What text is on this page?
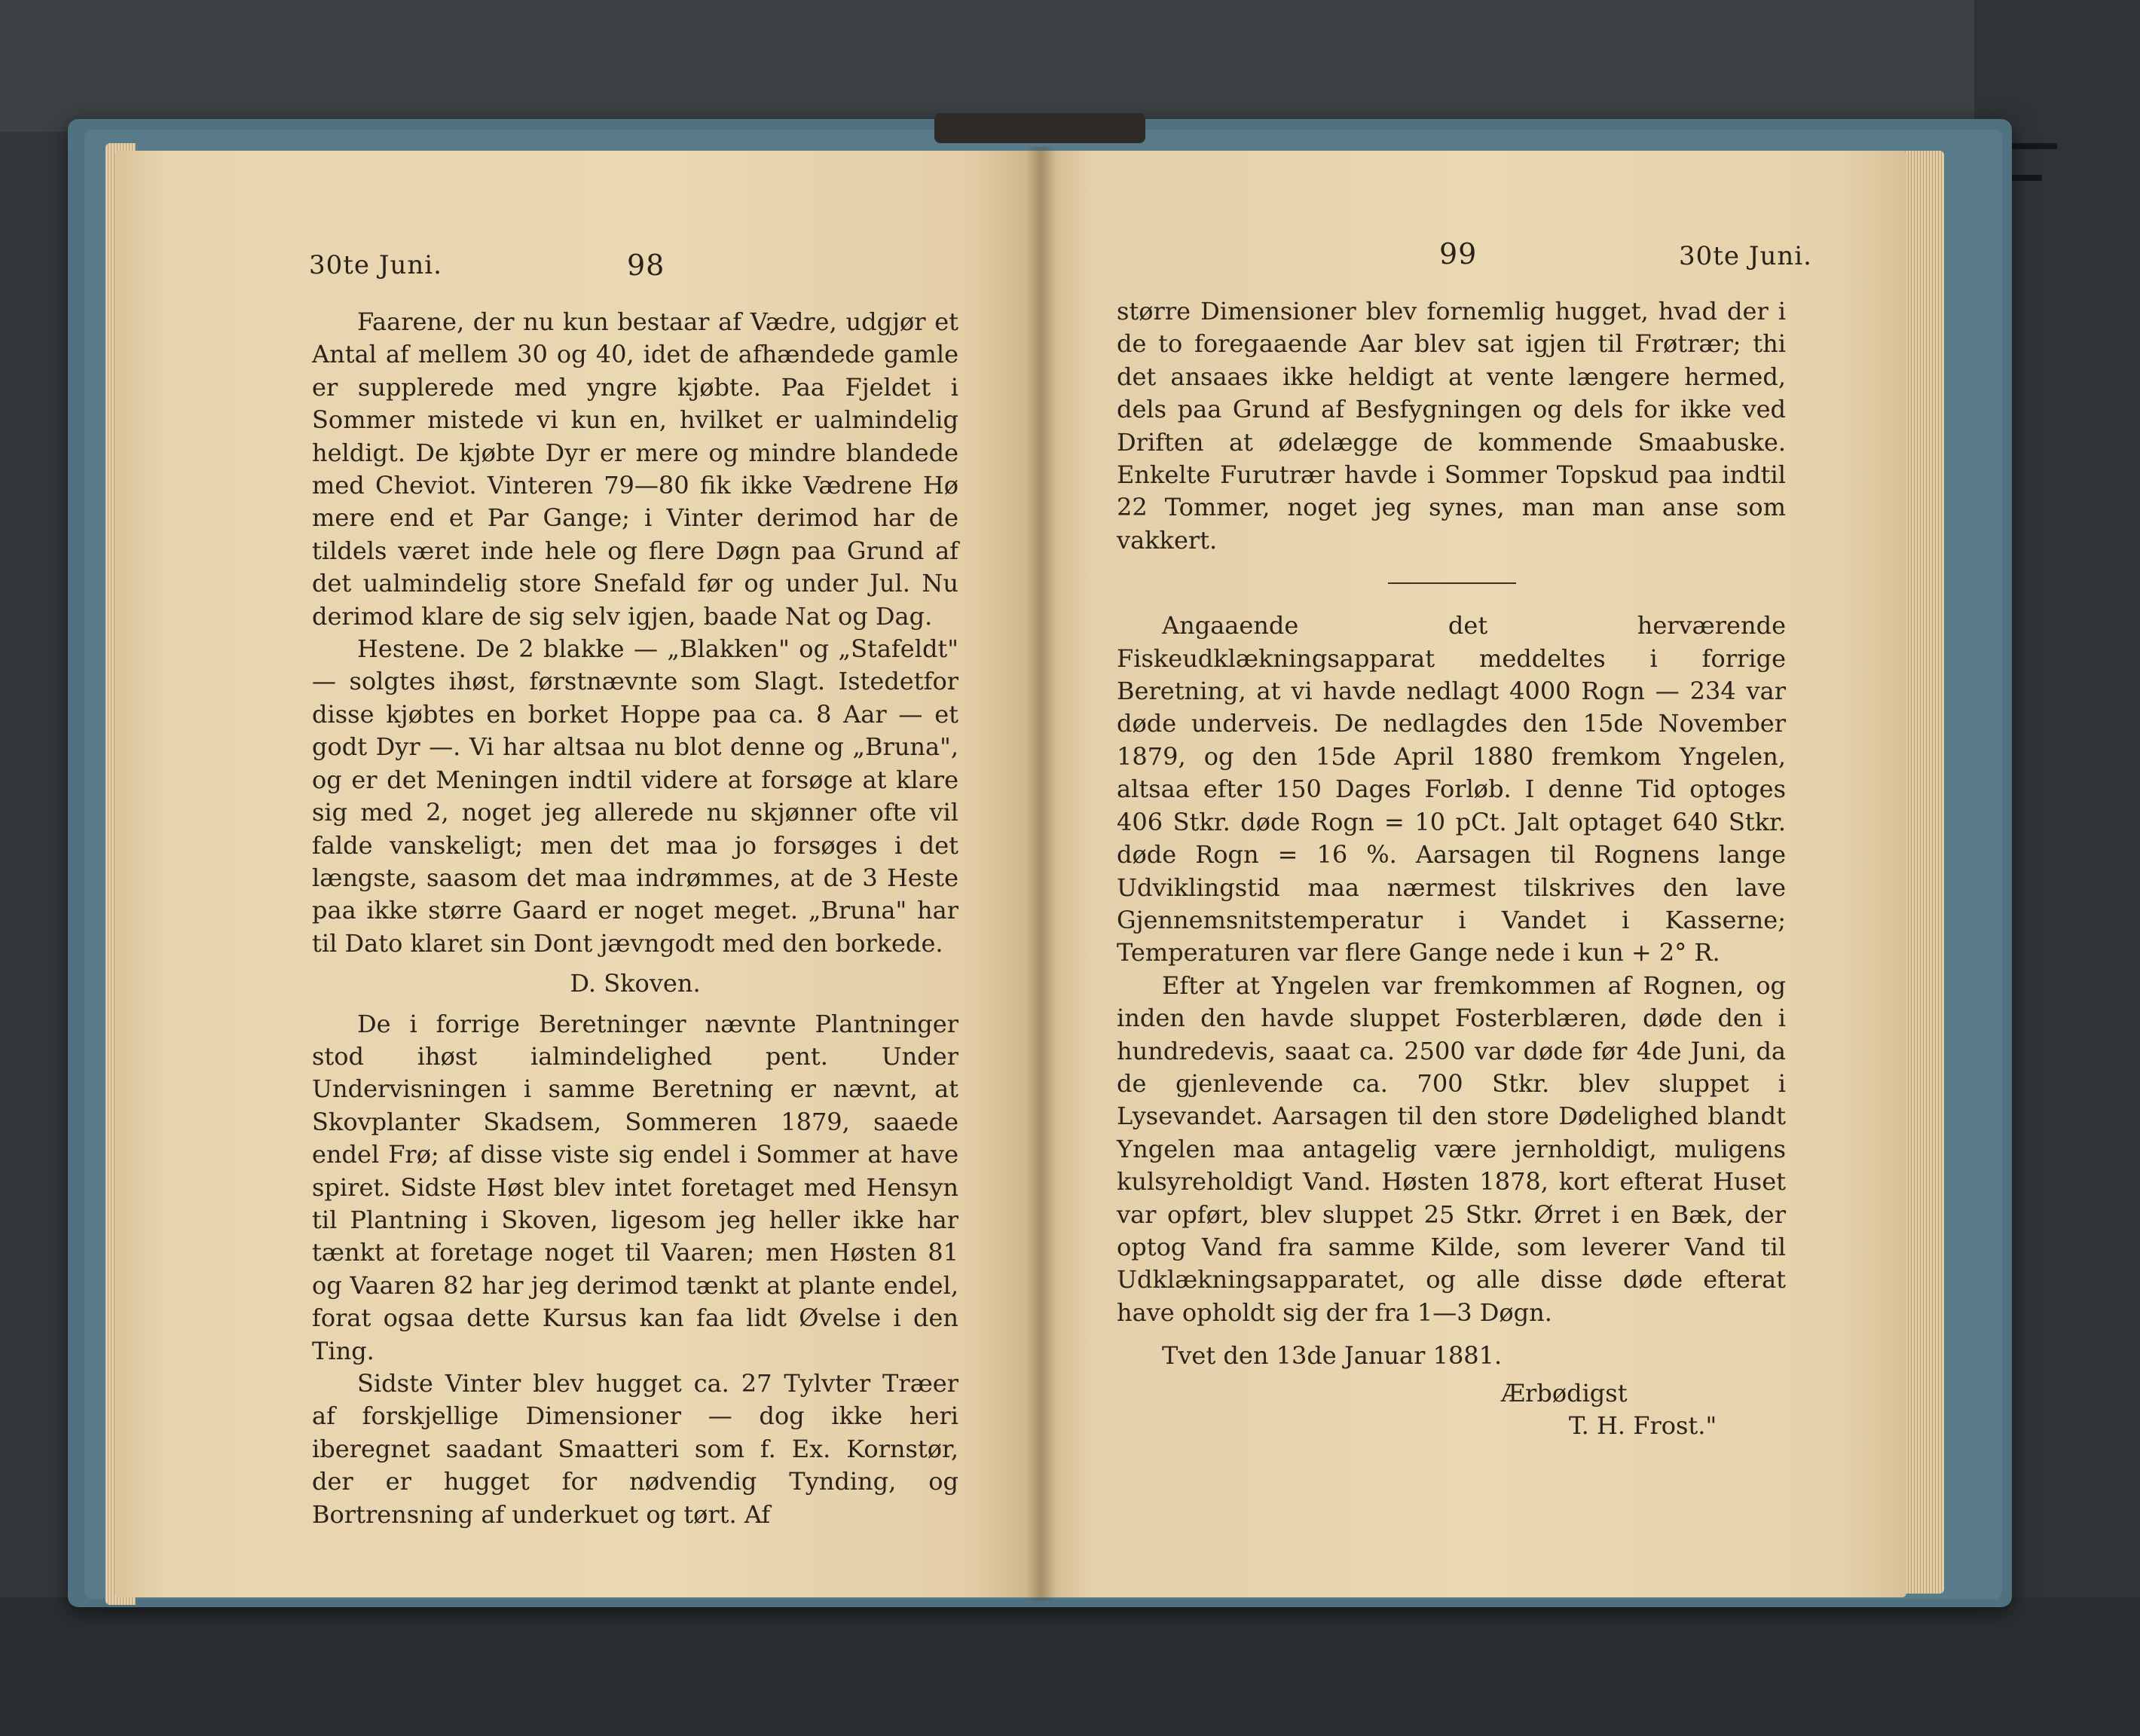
30te Juni.	98

Faarene, der nu kun bestaar af Vædre, udgjør et Antal af mellem 30 og 40, idet de afhændede gamle er supplerede med yngre kjøbte. Paa Fjeldet i Sommer mistede vi kun en, hvilket er ualmindelig heldigt. De kjøbte Dyr er mere og mindre blandede med Cheviot. Vinteren 79—80 fik ikke Vædrene Hø mere end et Par Gange; i Vinter derimod har de tildels været inde hele og flere Døgn paa Grund af det ualmindelig store Snefald før og under Jul. Nu derimod klare de sig selv igjen, baade Nat og Dag.

Hestene. De 2 blakke — „Blakken" og „Stafeldt" — solgtes ihøst, førstnævnte som Slagt. Istedetfor disse kjøbtes en borket Hoppe paa ca. 8 Aar — et godt Dyr —. Vi har altsaa nu blot denne og „Bruna", og er det Meningen indtil videre at forsøge at klare sig med 2, noget jeg allerede nu skjønner ofte vil falde vanskeligt; men det maa jo forsøges i det længste, saasom det maa indrømmes, at de 3 Heste paa ikke større Gaard er noget meget. „Bruna" har til Dato klaret sin Dont jævngodt med den borkede.

D. Skoven.

De i forrige Beretninger nævnte Plantninger stod ihøst ialmindelighed pent. Under Undervisningen i samme Beretning er nævnt, at Skovplanter Skadsem, Sommeren 1879, saaede endel Frø; af disse viste sig endel i Sommer at have spiret. Sidste Høst blev intet foretaget med Hensyn til Plantning i Skoven, ligesom jeg heller ikke har tænkt at foretage noget til Vaaren; men Høsten 81 og Vaaren 82 har jeg derimod tænkt at plante endel, forat ogsaa dette Kursus kan faa lidt Øvelse i den Ting.

Sidste Vinter blev hugget ca. 27 Tylvter Træer af forskjellige Dimensioner — dog ikke heri iberegnet saadant Smaatteri som f. Ex. Kornstør, der er hugget for nødvendig Tynding, og Bortrensning af underkuet og tørt. Af

99	30te Juni.

større Dimensioner blev fornemlig hugget, hvad der i de to foregaaende Aar blev sat igjen til Frøtrær; thi det ansaaes ikke heldigt at vente længere hermed, dels paa Grund af Besfygningen og dels for ikke ved Driften at ødelægge de kommende Smaabuske. Enkelte Furutrær havde i Sommer Topskud paa indtil 22 Tommer, noget jeg synes, man man anse som vakkert.

Angaaende det herværende Fiskeudklækningsapparat meddeltes i forrige Beretning, at vi havde nedlagt 4000 Rogn — 234 var døde underveis. De nedlagdes den 15de November 1879, og den 15de April 1880 fremkom Yngelen, altsaa efter 150 Dages Forløb. I denne Tid optoges 406 Stkr. døde Rogn = 10 pCt. Jalt optaget 640 Stkr. døde Rogn = 16 %. Aarsagen til Rognens lange Udviklingstid maa nærmest tilskrives den lave Gjennemsnitstemperatur i Vandet i Kasserne; Temperaturen var flere Gange nede i kun + 2° R.

Efter at Yngelen var fremkommen af Rognen, og inden den havde sluppet Fosterblæren, døde den i hundredevis, saaat ca. 2500 var døde før 4de Juni, da de gjenlevende ca. 700 Stkr. blev sluppet i Lysevandet. Aarsagen til den store Dødelighed blandt Yngelen maa antagelig være jernholdigt, muligens kulsyreholdigt Vand. Høsten 1878, kort efterat Huset var opført, blev sluppet 25 Stkr. Ørret i en Bæk, der optog Vand fra samme Kilde, som leverer Vand til Udklækningsapparatet, og alle disse døde efterat have opholdt sig der fra 1—3 Døgn.

Tvet den 13de Januar 1881.

Ærbødigst

T. H. Frost."
